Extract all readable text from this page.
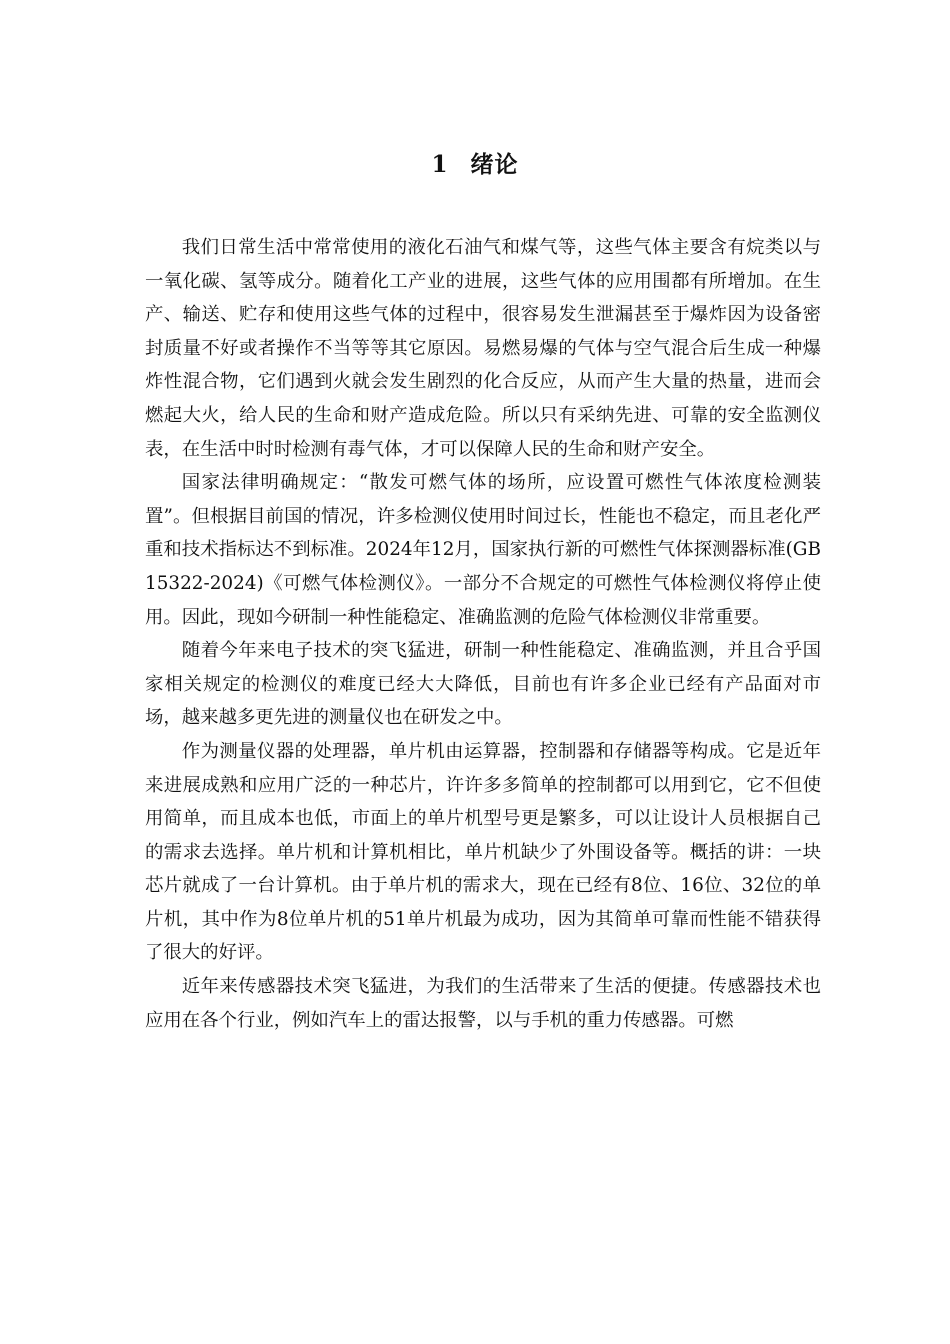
1 绪论

我们日常生活中常常使用的液化石油气和煤气等，这些气体主要含有烷类以与一氧化碳、氢等成分。随着化工产业的进展，这些气体的应用围都有所增加。在生产、输送、贮存和使用这些气体的过程中，很容易发生泄漏甚至于爆炸因为设备密封质量不好或者操作不当等等其它原因。易燃易爆的气体与空气混合后生成一种爆炸性混合物，它们遇到火就会发生剧烈的化合反应，从而产生大量的热量，进而会燃起大火，给人民的生命和财产造成危险。所以只有采纳先进、可靠的安全监测仪表，在生活中时时检测有毒气体，才可以保障人民的生命和财产安全。

国家法律明确规定：“散发可燃气体的场所，应设置可燃性气体浓度检测装置”。但根据目前国的情况，许多检测仪使用时间过长，性能也不稳定，而且老化严重和技术指标达不到标准。2024年12月，国家执行新的可燃性气体探测器标准(GB 15322-2024)《可燃气体检测仪》。一部分不合规定的可燃性气体检测仪将停止使用。因此，现如今研制一种性能稳定、准确监测的危险气体检测仪非常重要。

随着今年来电子技术的突飞猛进，研制一种性能稳定、准确监测，并且合乎国家相关规定的检测仪的难度已经大大降低，目前也有许多企业已经有产品面对市场，越来越多更先进的测量仪也在研发之中。

作为测量仪器的处理器，单片机由运算器，控制器和存储器等构成。它是近年来进展成熟和应用广泛的一种芯片，许许多多简单的控制都可以用到它，它不但使用简单，而且成本也低，市面上的单片机型号更是繁多，可以让设计人员根据自己的需求去选择。单片机和计算机相比，单片机缺少了外围设备等。概括的讲：一块芯片就成了一台计算机。由于单片机的需求大，现在已经有8位、16位、32位的单片机，其中作为8位单片机的51单片机最为成功，因为其简单可靠而性能不错获得了很大的好评。

近年来传感器技术突飞猛进，为我们的生活带来了生活的便捷。传感器技术也应用在各个行业，例如汽车上的雷达报警，以与手机的重力传感器。可燃
